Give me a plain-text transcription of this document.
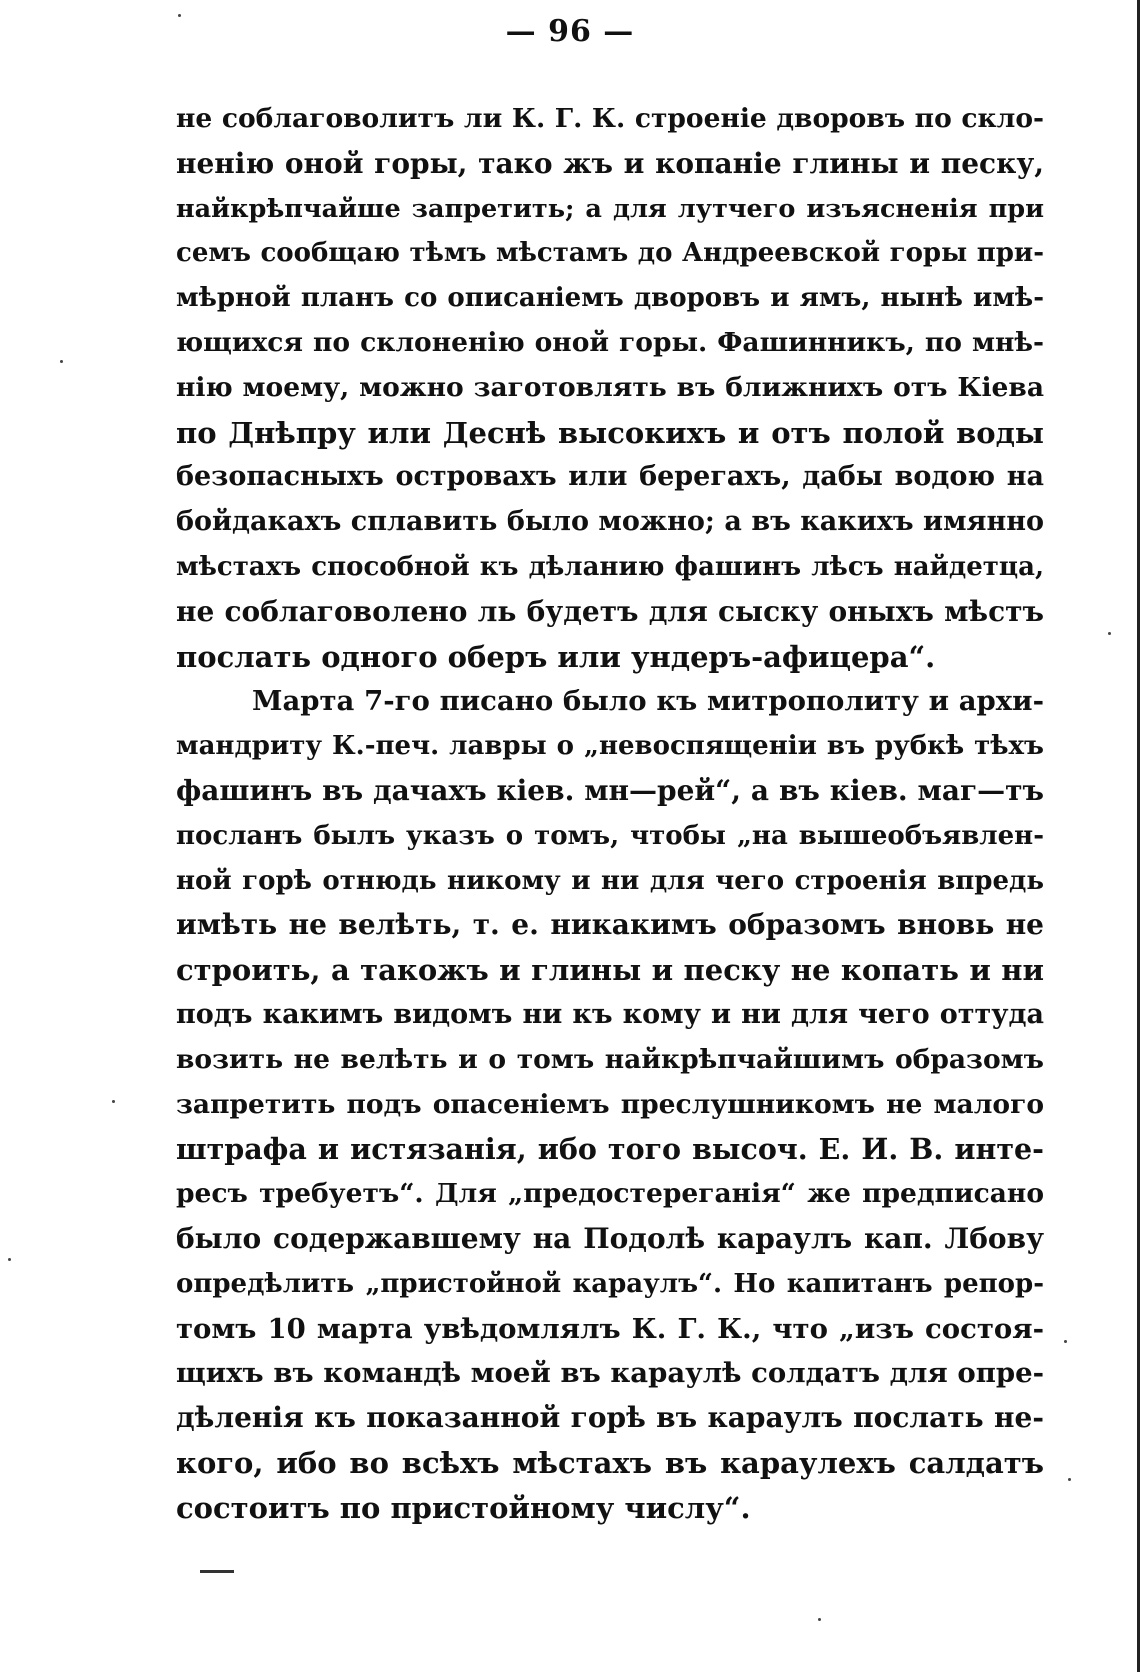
— 96 —
не соблаговолитъ ли К. Г. К. строеніе дворовъ по скло-
ненію оной горы, тако жъ и копаніе глины и песку,
найкрѣпчайше запретить; а для лутчего изъясненія при
семъ сообщаю тѣмъ мѣстамъ до Андреевской горы при-
мѣрной планъ со описаніемъ дворовъ и ямъ, нынѣ имѣ-
ющихся по склоненію оной горы. Фашинникъ, по мнѣ-
нію моему, можно заготовлять въ ближнихъ отъ Кіева
по Днѣпру или Деснѣ высокихъ и отъ полой воды
безопасныхъ островахъ или берегахъ, дабы водою на
бойдакахъ сплавить было можно; а въ какихъ имянно
мѣстахъ способной къ дѣланию фашинъ лѣсъ найдетца,
не соблаговолено ль будетъ для сыску оныхъ мѣстъ
послать одного оберъ или ундеръ-афицера“.
Марта 7-го писано было къ митрополиту и архи-
мандриту К.-печ. лавры о „невоспященіи въ рубкѣ тѣхъ
фашинъ въ дачахъ кіев. мн—рей“, а въ кіев. маг—тъ
посланъ былъ указъ о томъ, чтобы „на вышеобъявлен-
ной горѣ отнюдь никому и ни для чего строенія впредь
имѣть не велѣть, т. е. никакимъ образомъ вновь не
строить, а такожъ и глины и песку не копать и ни
подъ какимъ видомъ ни къ кому и ни для чего оттуда
возить не велѣть и о томъ найкрѣпчайшимъ образомъ
запретить подъ опасеніемъ преслушникомъ не малого
штрафа и истязанія, ибо того высоч. Е. И. В. инте-
ресъ требуетъ“. Для „предостереганія“ же предписано
было содержавшему на Подолѣ караулъ кап. Лбову
опредѣлить „пристойной караулъ“. Но капитанъ репор-
томъ 10 марта увѣдомлялъ К. Г. К., что „изъ состоя-
щихъ въ командѣ моей въ караулѣ солдатъ для опре-
дѣленія къ показанной горѣ въ караулъ послать не-
кого, ибо во всѣхъ мѣстахъ въ караулехъ салдатъ
состоитъ по пристойному числу“.
